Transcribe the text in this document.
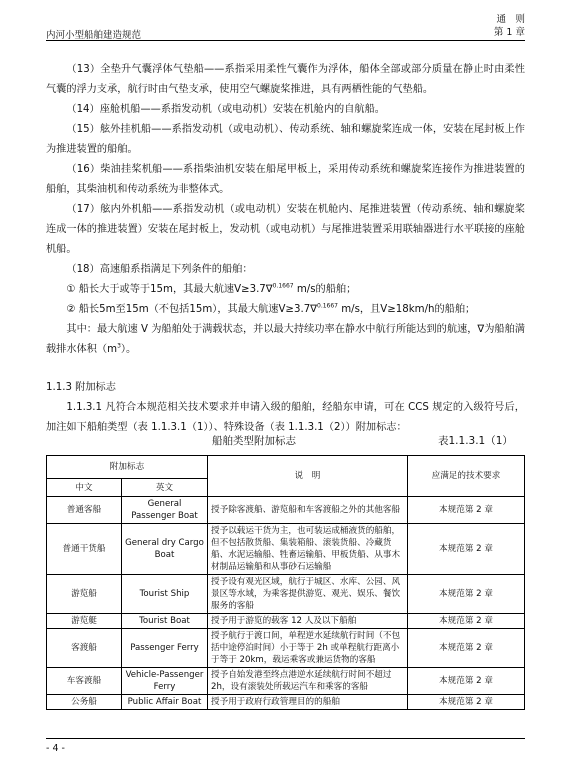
内河小型船舶建造规范
通　则
第 1 章

（13）全垫升气囊浮体气垫船——系指采用柔性气囊作为浮体，船体全部或部分质量在静止时由柔性气囊的浮力支承，航行时由气垫支承，使用空气螺旋桨推进，具有两栖性能的气垫船。

（14）座舱机船——系指发动机（或电动机）安装在机舱内的自航船。

（15）舷外挂机船——系指发动机（或电动机）、传动系统、轴和螺旋桨连成一体，安装在尾封板上作为推进装置的船舶。

（16）柴油挂桨机船——系指柴油机安装在船尾甲板上，采用传动系统和螺旋桨连接作为推进装置的船舶，其柴油机和传动系统为非整体式。

（17）舷内外机船——系指发动机（或电动机）安装在机舱内、尾推进装置（传动系统、轴和螺旋桨连成一体的推进装置）安装在尾封板上，发动机（或电动机）与尾推进装置采用联轴器进行水平联接的座舱机船。

（18）高速船系指满足下列条件的船舶：

① 船长大于或等于15m，其最大航速V≥3.7∇$^{0.1667}$ m/s的船舶；

② 船长5m至15m（不包括15m），其最大航速V≥3.7∇$^{0.1667}$ m/s，且V≥18km/h的船舶；

其中：最大航速 V 为船舶处于满载状态，并以最大持续功率在静水中航行所能达到的航速，∇为船舶满载排水体积$(m^3)$。

1.1.3 附加标志

1.1.3.1 凡符合本规范相关技术要求并申请入级的船舶，经船东申请，可在 CCS 规定的入级符号后，加注如下船舶类型（表 1.1.3.1（1））、特殊设备（表 1.1.3.1（2））附加标志：

船舶类型附加标志	表1.1.3.1（1）
附加标志		说　明	应满足的技术要求
中文	英文		
普通客船	General Passenger Boat	授予除客渡船、游览船和车客渡船之外的其他客船	本规范第 2 章
普通干货船	General dry Cargo Boat	授予以载运干货为主，也可装运成桶液货的船舶，但不包括散货船、集装箱船、滚装货船、冷藏货船、水泥运输船、牲畜运输船、甲板货船、从事木材制品运输船和从事砂石运输船	本规范第 2 章
游览船	Tourist Ship	授予设有观光区域，航行于城区、水库、公园、风景区等水域，为乘客提供游览、观光、娱乐、餐饮服务的客船	本规范第 2 章
游览艇	Tourist Boat	授予用于游览的载客 12 人及以下船舶	本规范第 2 章
客渡船	Passenger Ferry	授予航行于渡口间，单程逆水延续航行时间（不包括中途停泊时间）小于等于 2h 或单程航行距离小于等于 20km，载运乘客或兼运货物的客船	本规范第 2 章
车客渡船	Vehicle-Passenger Ferry	授予自始发港至终点港逆水延续航行时间不超过 2h，设有滚装处所载运汽车和乘客的客船	本规范第 2 章
公务船	Public Affair Boat	授予用于政府行政管理目的的船舶	本规范第 2 章
- 4 -
